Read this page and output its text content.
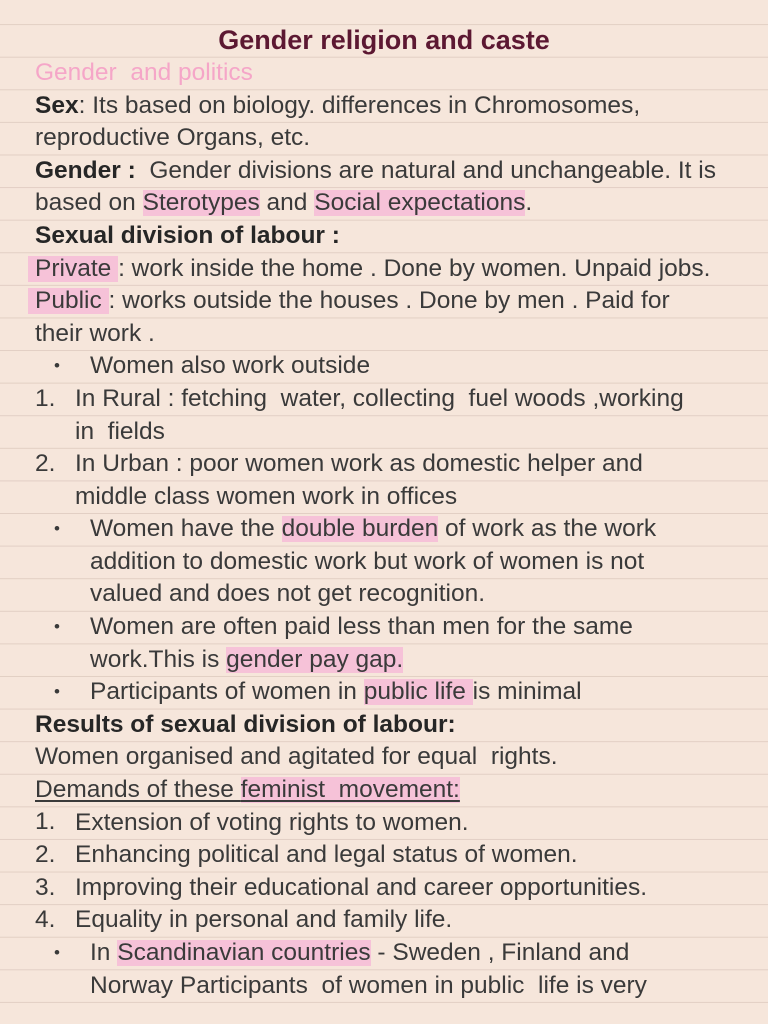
Gender religion and caste
Gender  and politics
Sex : Its based on biology. differences in Chromosomes,
reproductive Organs, etc.
Gender : Gender divisions are natural and unchangeable. It is
based on Sterotypes and Social expectations .
Sexual division of labour :
Private : work inside the home . Done by women. Unpaid jobs.
Public : works outside the houses . Done by men . Paid for
their work .
• Women also work outside
1. In Rural : fetching  water, collecting  fuel woods ,working
in  fields
2. In Urban : poor women work as domestic helper and
middle class women work in offices
• Women have the double burden of work as the work
addition to domestic work but work of women is not
valued and does not get recognition.
• Women are often paid less than men for the same
work.This is gender pay gap.
• Participants of women in public life is minimal
Results of sexual division of labour:
Women organised and agitated for equal  rights.
Demands of these feminist  movement:
1. Extension of voting rights to women.
2. Enhancing political and legal status of women.
3. Improving their educational and career opportunities.
4. Equality in personal and family life.
• In Scandinavian countries - Sweden , Finland and
Norway Participants  of women in public  life is very
